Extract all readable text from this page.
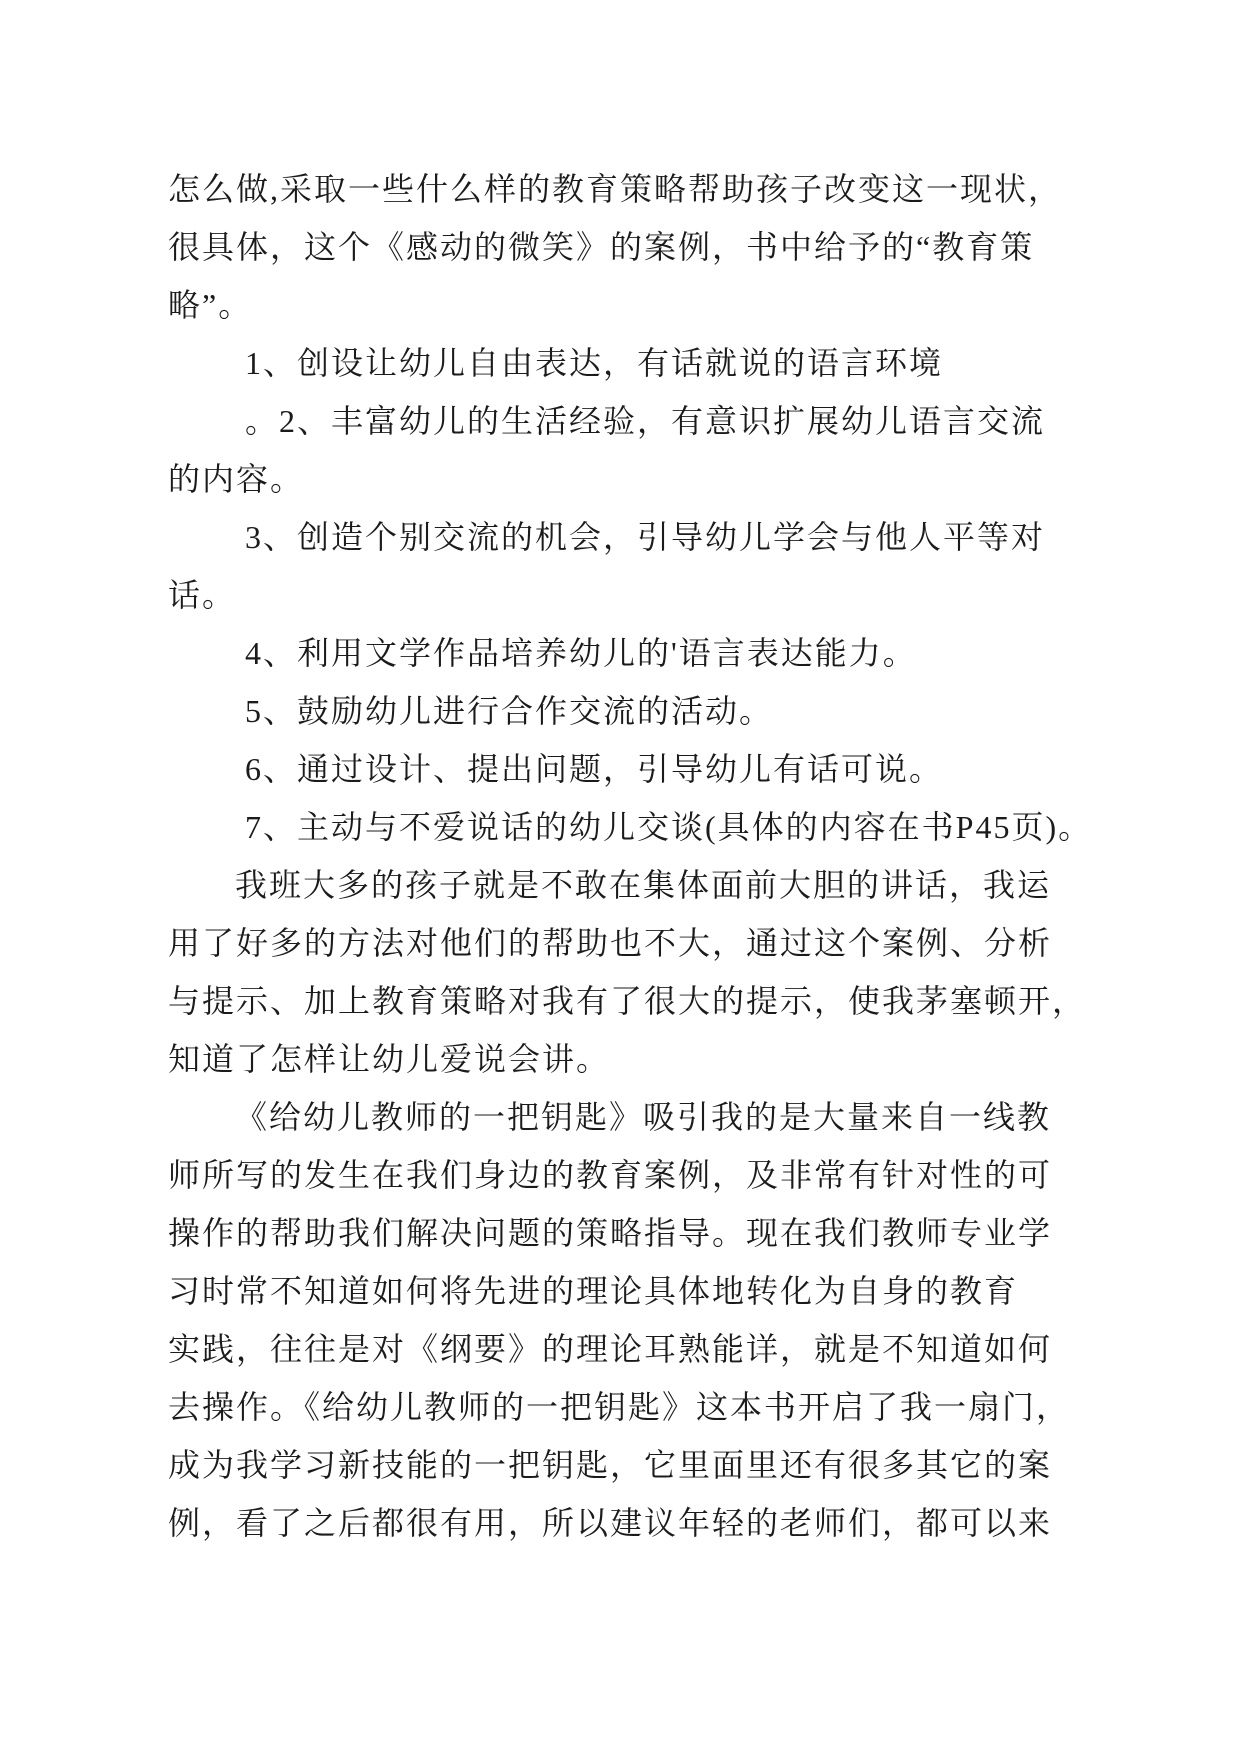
怎么做,采取一些什么样的教育策略帮助孩子改变这一现状，
很具体，这个《感动的微笑》的案例，书中给予的“教育策
略”。
1、创设让幼儿自由表达，有话就说的语言环境
。2、丰富幼儿的生活经验，有意识扩展幼儿语言交流
的内容。
3、创造个别交流的机会，引导幼儿学会与他人平等对
话。
4、利用文学作品培养幼儿的'语言表达能力。
5、鼓励幼儿进行合作交流的活动。
6、通过设计、提出问题，引导幼儿有话可说。
7、主动与不爱说话的幼儿交谈(具体的内容在书P45页)。
我班大多的孩子就是不敢在集体面前大胆的讲话，我运
用了好多的方法对他们的帮助也不大，通过这个案例、分析
与提示、加上教育策略对我有了很大的提示，使我茅塞顿开，
知道了怎样让幼儿爱说会讲。
《给幼儿教师的一把钥匙》吸引我的是大量来自一线教
师所写的发生在我们身边的教育案例，及非常有针对性的可
操作的帮助我们解决问题的策略指导。现在我们教师专业学
习时常不知道如何将先进的理论具体地转化为自身的教育
实践，往往是对《纲要》的理论耳熟能详，就是不知道如何
去操作。《给幼儿教师的一把钥匙》这本书开启了我一扇门，
成为我学习新技能的一把钥匙，它里面里还有很多其它的案
例，看了之后都很有用，所以建议年轻的老师们，都可以来
